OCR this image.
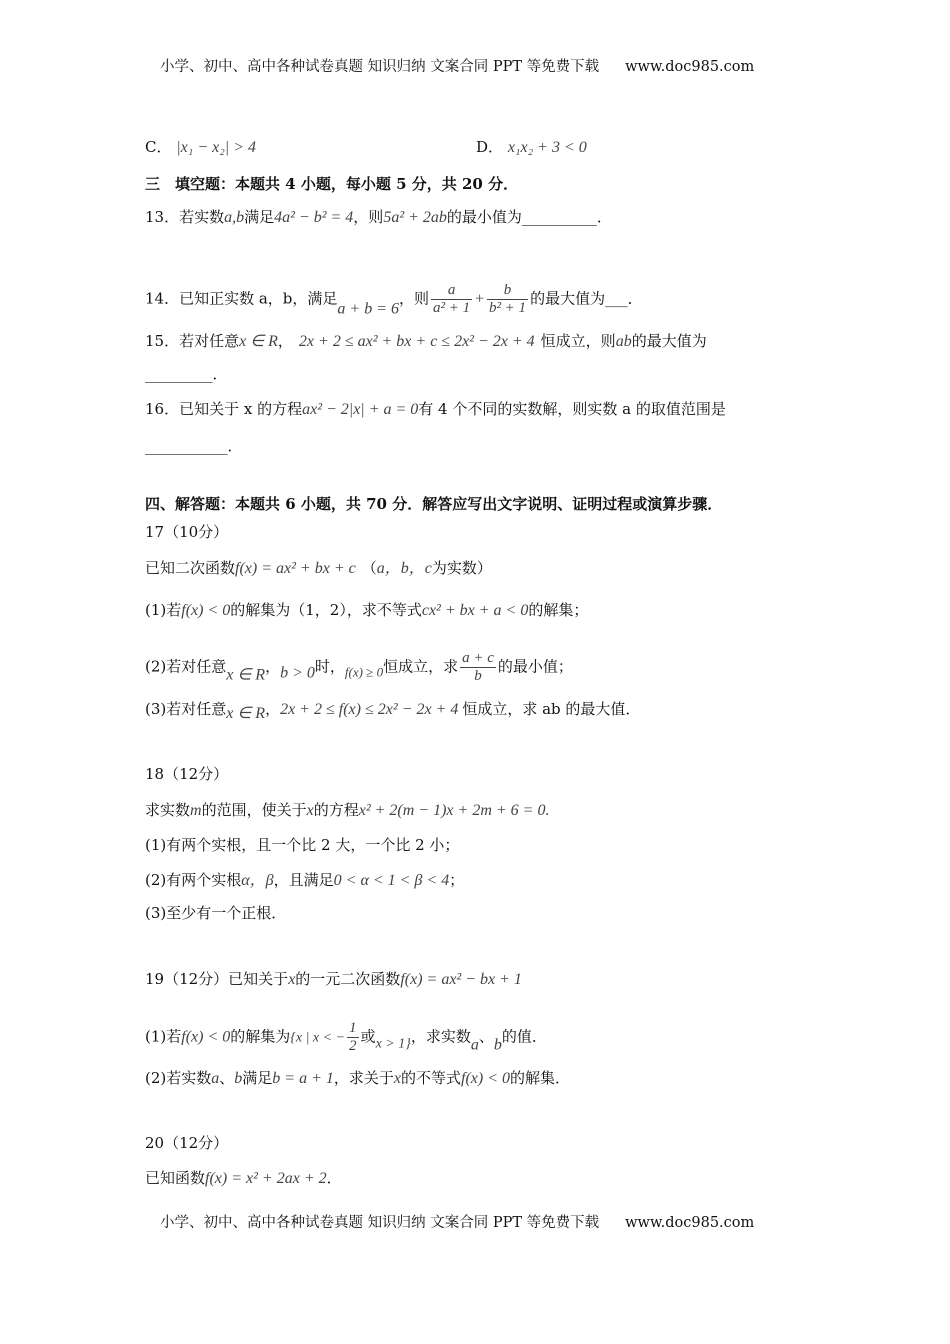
小学、初中、高中各种试卷真题 知识归纳 文案合同 PPT 等免费下载 www.doc985.com
C． |x₁ − x₂| > 4	D． x₁x₂ + 3 < 0
三　填空题：本题共 4 小题，每小题 5 分，共 20 分．
13．若实数a,b满足4a² − b² = 4，则5a² + 2ab的最小值为__________．
14．已知正实数 a，b，满足a + b = 6，则 $\frac{a}{\text{a² + 1}} + \frac{b}{\text{b² + 1}}$ 的最大值为___．
15．若对任意x ∈ R， 2x + 2 ≤ ax² + bx + c ≤ 2x² − 2x + 4 恒成立，则ab的最大值为
_________．
16．已知关于 x 的方程ax² − 2|x| + a = 0有 4 个不同的实数解，则实数 a 的取值范围是
___________．
四、解答题：本题共 6 小题，共 70 分．解答应写出文字说明、证明过程或演算步骤．
17（10分）
已知二次函数f(x) = ax² + bx + c （a，b，c为实数）
(1)若f(x) < 0的解集为（1，2），求不等式cx² + bx + a < 0的解集；
(2)若对任意x ∈ R，b > 0时，f(x) ≥ 0恒成立，求 $\frac{a + c}{b}$ 的最小值；
(3)若对任意x ∈ R，2x + 2 ≤ f(x) ≤ 2x² − 2x + 4 恒成立，求 ab 的最大值．
18（12分）
求实数m的范围，使关于x的方程x² + 2(m − 1)x + 2m + 6 = 0.
(1)有两个实根，且一个比 2 大，一个比 2 小；
(2)有两个实根α，β，且满足0 < α < 1 < β < 4；
(3)至少有一个正根．
19（12分）已知关于x的一元二次函数f(x) = ax² − bx + 1
(1)若f(x) < 0的解集为{x | x < − $\frac{1}{2}$ 或x > 1}，求实数a、b的值．
(2)若实数a、b满足b = a + 1，求关于x的不等式f(x) < 0的解集．
20（12分）
已知函数f(x) = x² + 2ax + 2．
小学、初中、高中各种试卷真题 知识归纳 文案合同 PPT 等免费下载 www.doc985.com
